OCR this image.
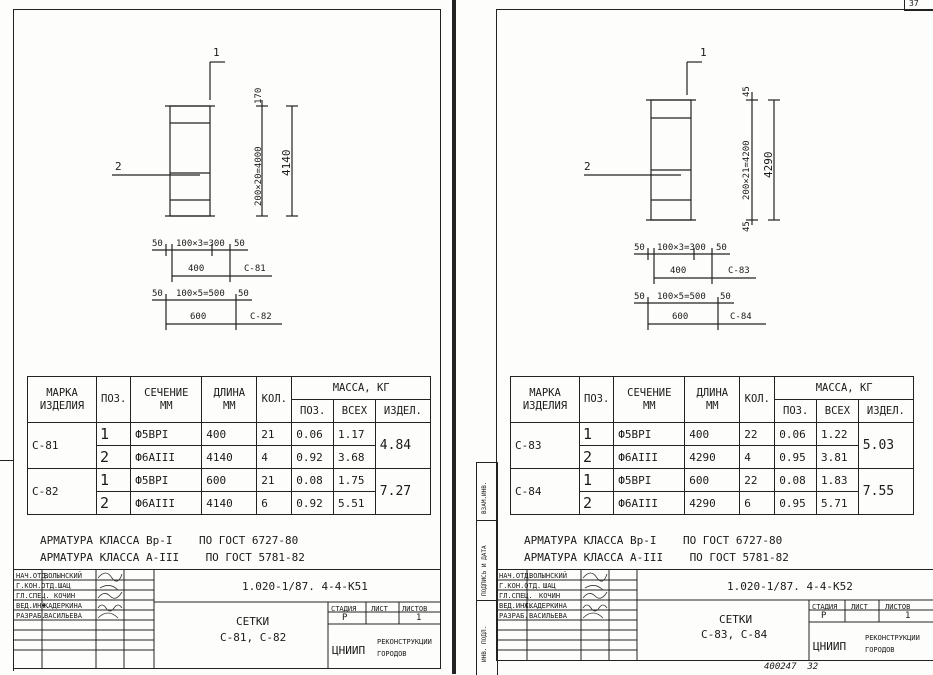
1
2
170
200×20=4000 4140
50 100×3=300 50
400	С-81
50 100×5=500 50
600	С-82
МАРКА ИЗДЕЛИЯ	ПОЗ.	СЕЧЕНИЕ ММ	ДЛИНА ММ	КОЛ.	МАССА, КГ		
					ПОЗ.	ВСЕХ	ИЗДЕЛ.
С-81	1	Ф5ВРI	400	21	0.06	1.17	4.84
	2	Ф6АIII	4140	4	0.92	3.68	
С-82	1	Ф5ВРI	600	21	0.08	1.75	7.27
	2	Ф6АIII	4140	6	0.92	5.51	
АРМАТУРА КЛАССА Вр-I    ПО ГОСТ 6727-80
АРМАТУРА КЛАССА А-III    ПО ГОСТ 5781-82
НАЧ.ОТД.
ВОЛЫНСКИЙ
Г.КОН.ОТД. ШАЦ
ГЛ.СПЕЦ. КОЧИН
ВЕД.ИНЖ.
КАДЕРКИНА
РАЗРАБ.
ВАСИЛЬЕВА
1.020-1/87. 4-4-К51
СЕТКИ
С-81, С-82
СТАДИЯ ЛИСТ ЛИСТОВ
Р	1
ЦНИИП
РЕКОНСТРУКЦИИ
ГОРОДОВ
37
ВЗАМ.ИНВ.
ПОДПИСЬ И ДАТА
ИНВ. ПОДЛ.
1
2
45
45
200×21=4200 4290
50 100×3=300 50
400	С-83
50 100×5=500 50
600	С-84
МАРКА ИЗДЕЛИЯ	ПОЗ.	СЕЧЕНИЕ ММ	ДЛИНА ММ	КОЛ.	МАССА, КГ		
					ПОЗ.	ВСЕХ	ИЗДЕЛ.
С-83	1	Ф5ВРI	400	22	0.06	1.22	5.03
	2	Ф6АIII	4290	4	0.95	3.81	
С-84	1	Ф5ВРI	600	22	0.08	1.83	7.55
	2	Ф6АIII	4290	6	0.95	5.71	
АРМАТУРА КЛАССА Вр-I    ПО ГОСТ 6727-80
АРМАТУРА КЛАССА А-III    ПО ГОСТ 5781-82
НАЧ.ОТД.
ВОЛЫНСКИЙ
Г.КОН.ОТД. ШАЦ
ГЛ.СПЕЦ. КОЧИН
ВЕД.ИНЖ.
КАДЕРКИНА
РАЗРАБ. ВАСИЛЬЕВА
1.020-1/87. 4-4-К52
СЕТКИ
С-83, С-84
СТАДИЯ ЛИСТ ЛИСТОВ
Р	1
ЦНИИП
РЕКОНСТРУКЦИИ
ГОРОДОВ
400247  32
